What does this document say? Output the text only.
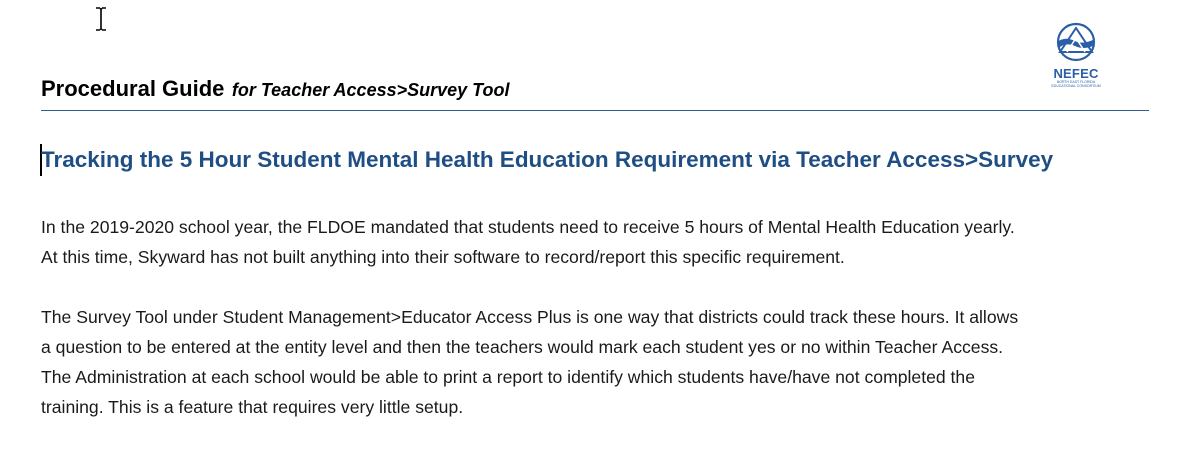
Procedural Guide for Teacher Access>Survey Tool
NEFEC
NORTH EAST FLORIDA EDUCATIONAL CONSORTIUM
Tracking the 5 Hour Student Mental Health Education Requirement via Teacher Access>Survey
In the 2019-2020 school year, the FLDOE mandated that students need to receive 5 hours of Mental Health Education yearly.
At this time, Skyward has not built anything into their software to record/report this specific requirement.
The Survey Tool under Student Management>Educator Access Plus is one way that districts could track these hours. It allows
a question to be entered at the entity level and then the teachers would mark each student yes or no within Teacher Access.
The Administration at each school would be able to print a report to identify which students have/have not completed the
training. This is a feature that requires very little setup.
